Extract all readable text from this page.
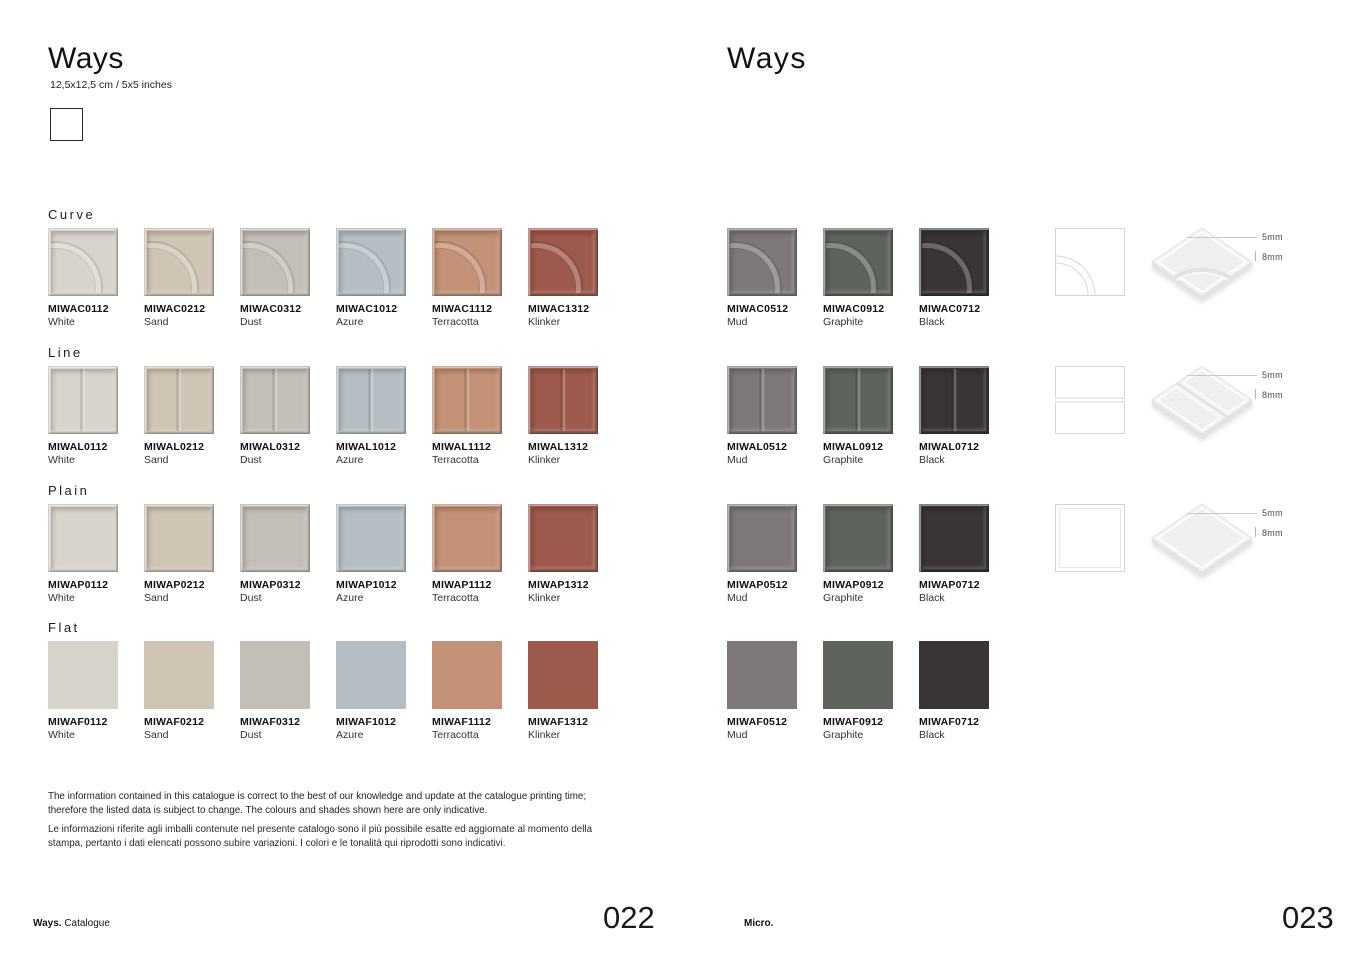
Ways
12,5x12,5 cm / 5x5 inches
Ways
Curve
MIWAC0112
White
MIWAC0212
Sand
MIWAC0312
Dust
MIWAC1012
Azure
MIWAC1112
Terracotta
MIWAC1312
Klinker
MIWAC0512
Mud
MIWAC0912
Graphite
MIWAC0712
Black
5mm
8mm
Line
MIWAL0112
White
MIWAL0212
Sand
MIWAL0312
Dust
MIWAL1012
Azure
MIWAL1112
Terracotta
MIWAL1312
Klinker
MIWAL0512
Mud
MIWAL0912
Graphite
MIWAL0712
Black
5mm
8mm
Plain
MIWAP0112
White
MIWAP0212
Sand
MIWAP0312
Dust
MIWAP1012
Azure
MIWAP1112
Terracotta
MIWAP1312
Klinker
MIWAP0512
Mud
MIWAP0912
Graphite
MIWAP0712
Black
5mm
8mm
Flat
MIWAF0112
White
MIWAF0212
Sand
MIWAF0312
Dust
MIWAF1012
Azure
MIWAF1112
Terracotta
MIWAF1312
Klinker
MIWAF0512
Mud
MIWAF0912
Graphite
MIWAF0712
Black
The information contained in this catalogue is correct to the best of our knowledge and update at the catalogue printing time; therefore the listed data is subject to change. The colours and shades shown here are only indicative.
Le informazioni riferite agli imballi contenute nel presente catalogo sono il più possibile esatte ed aggiornate al momento della stampa, pertanto i dati elencati possono subire variazioni. I colori e le tonalità qui riprodotti sono indicativi.
Ways. Catalogue	022	Micro.	023
